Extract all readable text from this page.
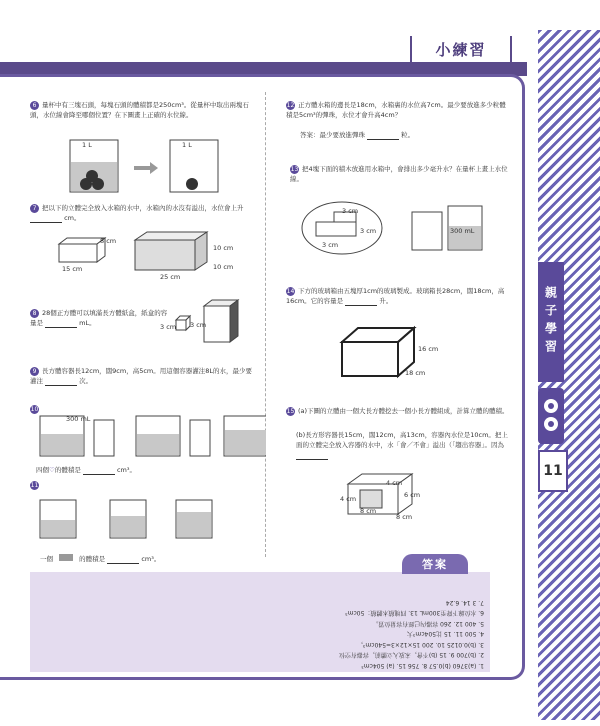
小練習
親子學習
11
6 量杯中有三塊石頭，每塊石頭的體積都是250cm³。從量杯中取出兩塊石頭，水位線會降至哪個位置？在下圖畫上正確的水位線。
1 L	1 L
7 把以下的立體完全放入水箱的水中，水箱內的水沒有溢出，水位會上升  cm。
8 cm
10 cm
15 cm	10 cm
25 cm
8 28個正方體可以填滿長方體紙盒，紙盒的容量是	mL。	3 cm 3 cm
9 長方體容器長12cm，闊9cm，高5cm。用這個容器灌注8L的水，最少要灌注	次。
10
300 mL
四個♡的體積是	cm³。
11
一個	的體積是	cm³。
12 正方體水箱的邊長是18cm，水箱裏的水位高7cm。最少要放進多少粒體積是5cm³的彈珠，水位才會升高4cm？
答案：最少要放進彈珠	粒。
13 把4塊下面的積木放進用水箱中，會排出多少毫升水？在量杯上畫上水位線。
3 cm
3 cm
3 cm
300 mL
14 下方的玻璃箱由五塊厚1cm的玻璃製成。玻璃箱長28cm，闊18cm，高16cm。它的容量是	升。
16 cm
18 cm
15 (a)下圖的立體由一個大長方體挖去一個小長方體組成，計算立體的體積。
(b)長方形容器長15cm，闊12cm，高13cm，容器內水位是10cm。把上面的立體完全放入容器的水中，水「會／不會」溢出（「趨出容器」。因為
6 cm
4 cm
8 cm
4 cm
8 cm
答案
1. (a)3760 (b)0.57 8. 756 15. (a) 504cm³
2. (b)700 9. 15 (b)不會，未放入立體前，容器有空位
3. (b)0.0125 10. 200 15×12×3=540cm³，
4. 500 11. 15 比504cm³大
5. 400 12. 260 容器內已經有容量位置。
6. 水位線下降至300mL 13. 四塊積木體積：50cm³
7. 3 14. 6.24
